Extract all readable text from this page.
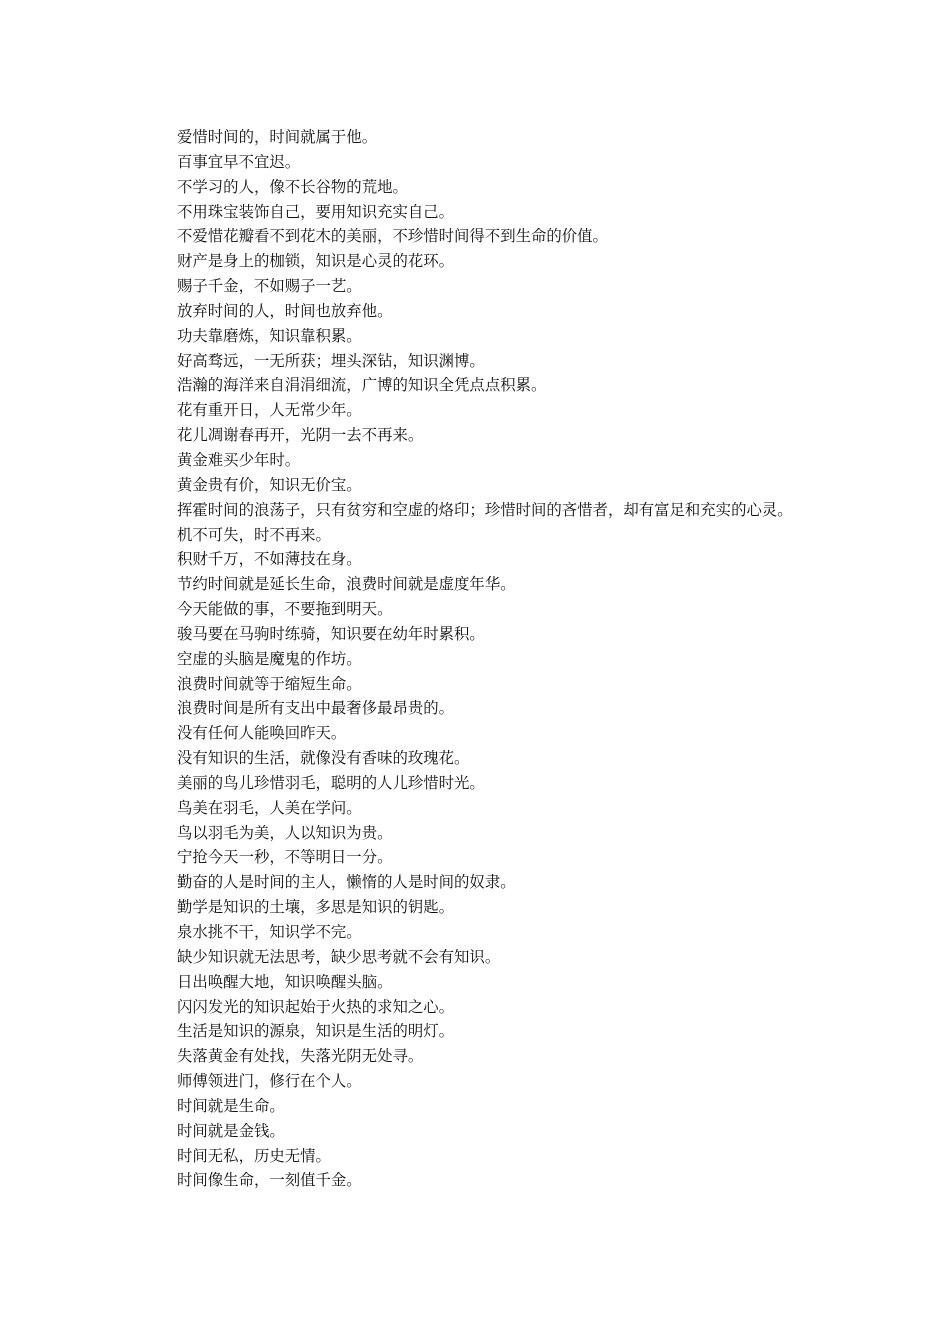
爱惜时间的，时间就属于他。

百事宜早不宜迟。

不学习的人，像不长谷物的荒地。

不用珠宝装饰自己，要用知识充实自己。

不爱惜花瓣看不到花木的美丽，不珍惜时间得不到生命的价值。

财产是身上的枷锁，知识是心灵的花环。

赐子千金，不如赐子一艺。

放弃时间的人，时间也放弃他。

功夫靠磨炼，知识靠积累。

好高骛远，一无所获；埋头深钻，知识渊博。

浩瀚的海洋来自涓涓细流，广博的知识全凭点点积累。

花有重开日，人无常少年。

花儿凋谢春再开，光阴一去不再来。

黄金难买少年时。

黄金贵有价，知识无价宝。

挥霍时间的浪荡子，只有贫穷和空虚的烙印；珍惜时间的吝惜者，却有富足和充实的心灵。

机不可失，时不再来。

积财千万，不如薄技在身。

节约时间就是延长生命，浪费时间就是虚度年华。

今天能做的事，不要拖到明天。

骏马要在马驹时练骑，知识要在幼年时累积。

空虚的头脑是魔鬼的作坊。

浪费时间就等于缩短生命。

浪费时间是所有支出中最奢侈最昂贵的。

没有任何人能唤回昨天。

没有知识的生活，就像没有香味的玫瑰花。

美丽的鸟儿珍惜羽毛，聪明的人儿珍惜时光。

鸟美在羽毛，人美在学问。

鸟以羽毛为美，人以知识为贵。

宁抢今天一秒，不等明日一分。

勤奋的人是时间的主人，懒惰的人是时间的奴隶。

勤学是知识的土壤，多思是知识的钥匙。

泉水挑不干，知识学不完。

缺少知识就无法思考，缺少思考就不会有知识。

日出唤醒大地，知识唤醒头脑。

闪闪发光的知识起始于火热的求知之心。

生活是知识的源泉，知识是生活的明灯。

失落黄金有处找，失落光阴无处寻。

师傅领进门，修行在个人。

时间就是生命。

时间就是金钱。

时间无私，历史无情。

时间像生命，一刻值千金。
